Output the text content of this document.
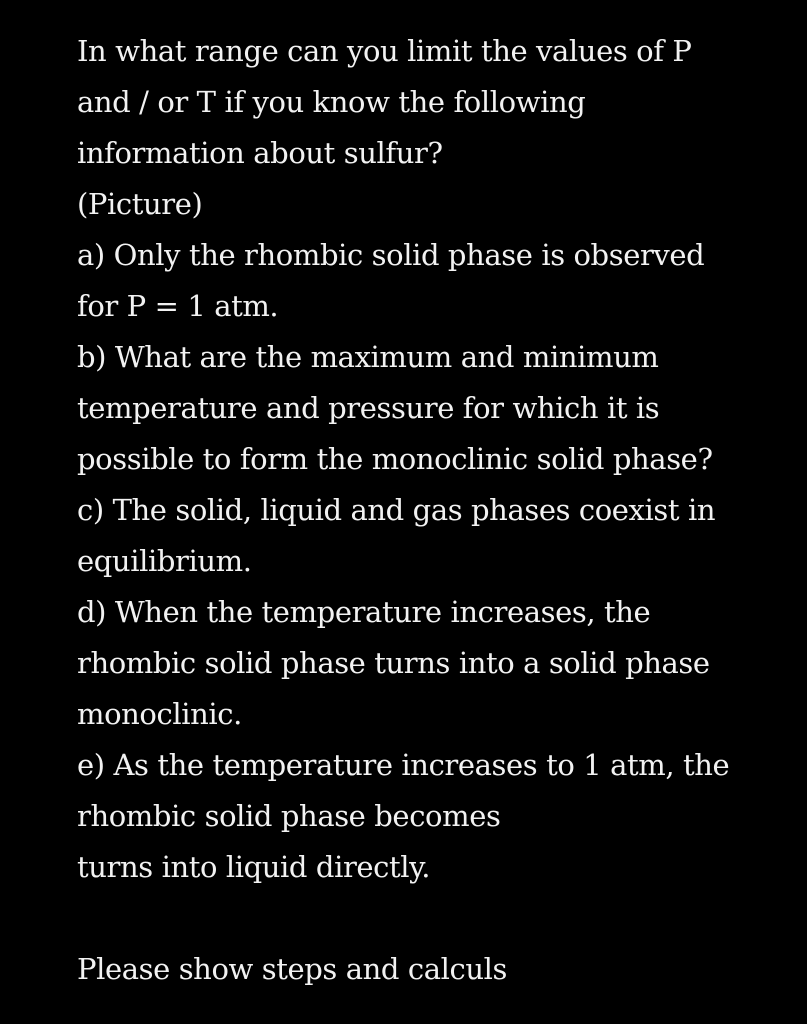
In what range can you limit the values of P
and / or T if you know the following
information about sulfur?
(Picture)
a) Only the rhombic solid phase is observed
for P = 1 atm.
b) What are the maximum and minimum
temperature and pressure for which it is
possible to form the monoclinic solid phase?
c) The solid, liquid and gas phases coexist in
equilibrium.
d) When the temperature increases, the
rhombic solid phase turns into a solid phase
monoclinic.
e) As the temperature increases to 1 atm, the
rhombic solid phase becomes
turns into liquid directly.
Please show steps and calculs
